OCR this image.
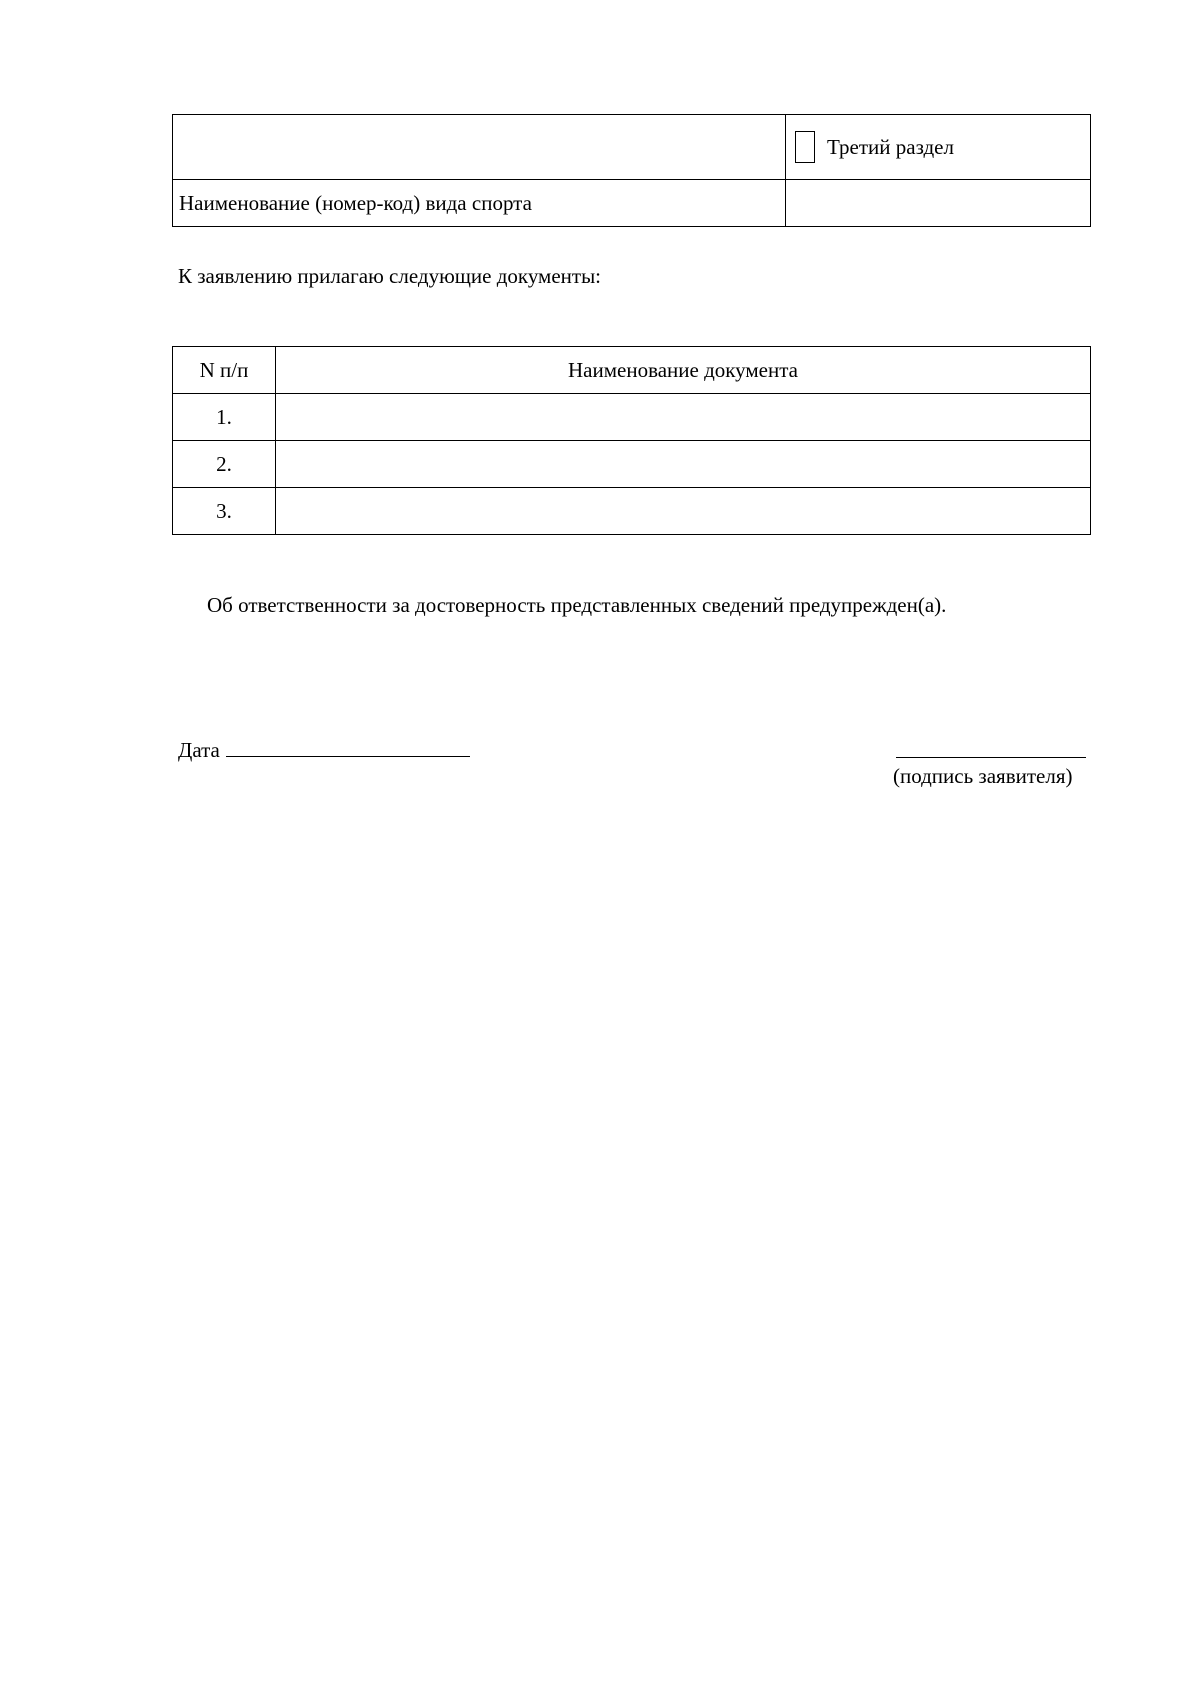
	Третий раздел

Наименование (номер-код) вида спорта	
К заявлению прилагаю следующие документы:
N п/п	Наименование документа
1.	
2.	
3.	
Об ответственности за достоверность представленных сведений предупрежден(а).
Дата
(подпись заявителя)
